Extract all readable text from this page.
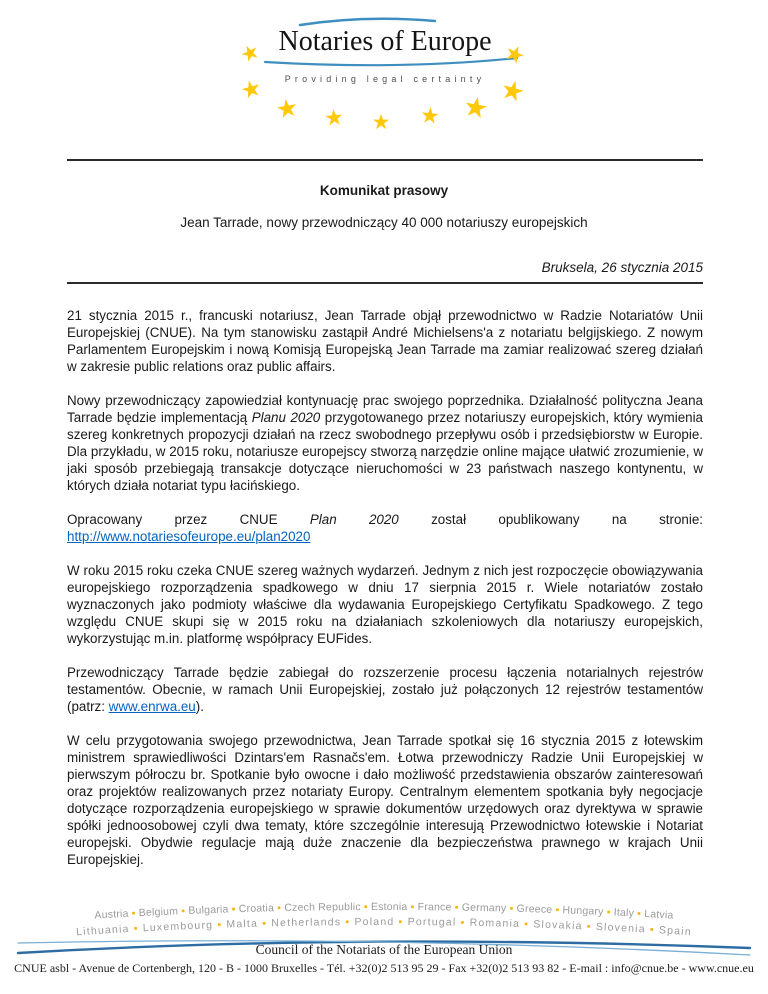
★
★
★ ★ ★ ★ ★ ★
★
Notaries of Europe
Providing legal certainty
Komunikat prasowy
Jean Tarrade, nowy przewodniczący 40 000 notariuszy europejskich
Bruksela, 26 stycznia 2015

21 stycznia 2015 r., francuski notariusz, Jean Tarrade objął przewodnictwo w Radzie Notariatów Unii Europejskiej (CNUE). Na tym stanowisku zastąpił André Michielsens'a z notariatu belgijskiego. Z nowym Parlamentem Europejskim i nową Komisją Europejską Jean Tarrade ma zamiar realizować szereg działań w zakresie public relations oraz public affairs.

Nowy przewodniczący zapowiedział kontynuację prac swojego poprzednika. Działalność polityczna Jeana Tarrade będzie implementacją Planu 2020 przygotowanego przez notariuszy europejskich, który wymienia szereg konkretnych propozycji działań na rzecz swobodnego przepływu osób i przedsiębiorstw w Europie. Dla przykładu, w 2015 roku, notariusze europejscy stworzą narzędzie online mające ułatwić zrozumienie, w jaki sposób przebiegają transakcje dotyczące nieruchomości w 23 państwach naszego kontynentu, w których działa notariat typu łacińskiego.

Opracowany przez CNUE Plan 2020 został opublikowany na stronie: http://www.notariesofeurope.eu/plan2020

W roku 2015 roku czeka CNUE szereg ważnych wydarzeń. Jednym z nich jest rozpoczęcie obowiązywania europejskiego rozporządzenia spadkowego w dniu 17 sierpnia 2015 r. Wiele notariatów zostało wyznaczonych jako podmioty właściwe dla wydawania Europejskiego Certyfikatu Spadkowego. Z tego względu CNUE skupi się w 2015 roku na działaniach szkoleniowych dla notariuszy europejskich, wykorzystując m.in. platformę współpracy EUFides.

Przewodniczący Tarrade będzie zabiegał do rozszerzenie procesu łączenia notarialnych rejestrów testamentów. Obecnie, w ramach Unii Europejskiej, zostało już połączonych 12 rejestrów testamentów (patrz: www.enrwa.eu).

W celu przygotowania swojego przewodnictwa, Jean Tarrade spotkał się 16 stycznia 2015 z łotewskim ministrem sprawiedliwości Dzintars'em Rasnačs'em. Łotwa przewodniczy Radzie Unii Europejskiej w pierwszym półroczu br. Spotkanie było owocne i dało możliwość przedstawienia obszarów zainteresowań oraz projektów realizowanych przez notariaty Europy. Centralnym elementem spotkania były negocjacje dotyczące rozporządzenia europejskiego w sprawie dokumentów urzędowych oraz dyrektywa w sprawie spółki jednoosobowej czyli dwa tematy, które szczególnie interesują Przewodnictwo łotewskie i Notariat europejski. Obydwie regulacje mają duże znaczenie dla bezpieczeństwa prawnego w krajach Unii Europejskiej.

Austria ▪ Belgium ▪ Bulgaria ▪ Croatia ▪ Czech Republic ▪ Estonia ▪ France ▪ Germany ▪ Greece ▪ Hungary ▪ Italy ▪ Latvia
Lithuania ▪ Luxembourg ▪ Malta ▪ Netherlands ▪ Poland ▪ Portugal ▪ Romania ▪ Slovakia ▪ Slovenia ▪ Spain
Council of the Notariats of the European Union
CNUE asbl - Avenue de Cortenbergh, 120 - B - 1000 Bruxelles - Tél. +32(0)2 513 95 29 - Fax +32(0)2 513 93 82 - E-mail : info@cnue.be - www.cnue.eu
